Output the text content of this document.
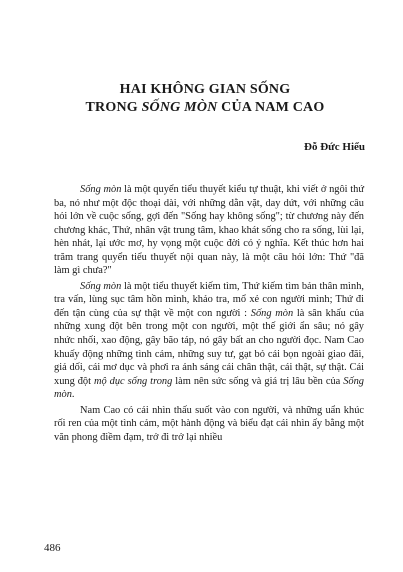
HAI KHÔNG GIAN SỐNG
TRONG SỐNG MÒN CỦA NAM CAO
Đỗ Đức Hiểu

Sống mòn là một quyển tiểu thuyết kiểu tự thuật, khi viết ở ngôi thứ ba, nó như một độc thoại dài, với những dằn vặt, day dứt, với những câu hỏi lớn về cuộc sống, gợi đến "Sống hay không sống"; từ chương này đến chương khác, Thứ, nhân vật trung tâm, khao khát sống cho ra sống, lùi lại, hèn nhát, lại ước mơ, hy vọng một cuộc đời có ý nghĩa. Kết thúc hơn hai trăm trang quyển tiểu thuyết nội quan này, là một câu hỏi lớn: Thứ "đã làm gì chưa?"

Sống mòn là một tiểu thuyết kiếm tìm, Thứ kiếm tìm bản thân mình, tra vấn, lùng sục tâm hồn mình, khảo tra, mổ xẻ con người mình; Thứ đi đến tận cùng của sự thật về một con người : Sống mòn là sân khấu của những xung đột bên trong một con người, một thế giới ẩn sâu; nó gây nhức nhối, xao động, gây bão táp, nó gây bất an cho người đọc. Nam Cao khuấy động những tình cảm, những suy tư, gạt bỏ cái bọn ngoài giao đãi, giả dối, cái mơ dục và phơi ra ánh sáng cái chân thật, cái thật, sự thật. Cái xung đột mộ dục sống trong làm nên sức sống và giá trị lâu bền của Sống mòn.

Nam Cao có cái nhìn thấu suốt vào con người, và những uẩn khúc rối ren của một tình cảm, một hành động và biểu đạt cái nhìn ấy bằng một văn phong điềm đạm, trở đi trở lại nhiều

486
